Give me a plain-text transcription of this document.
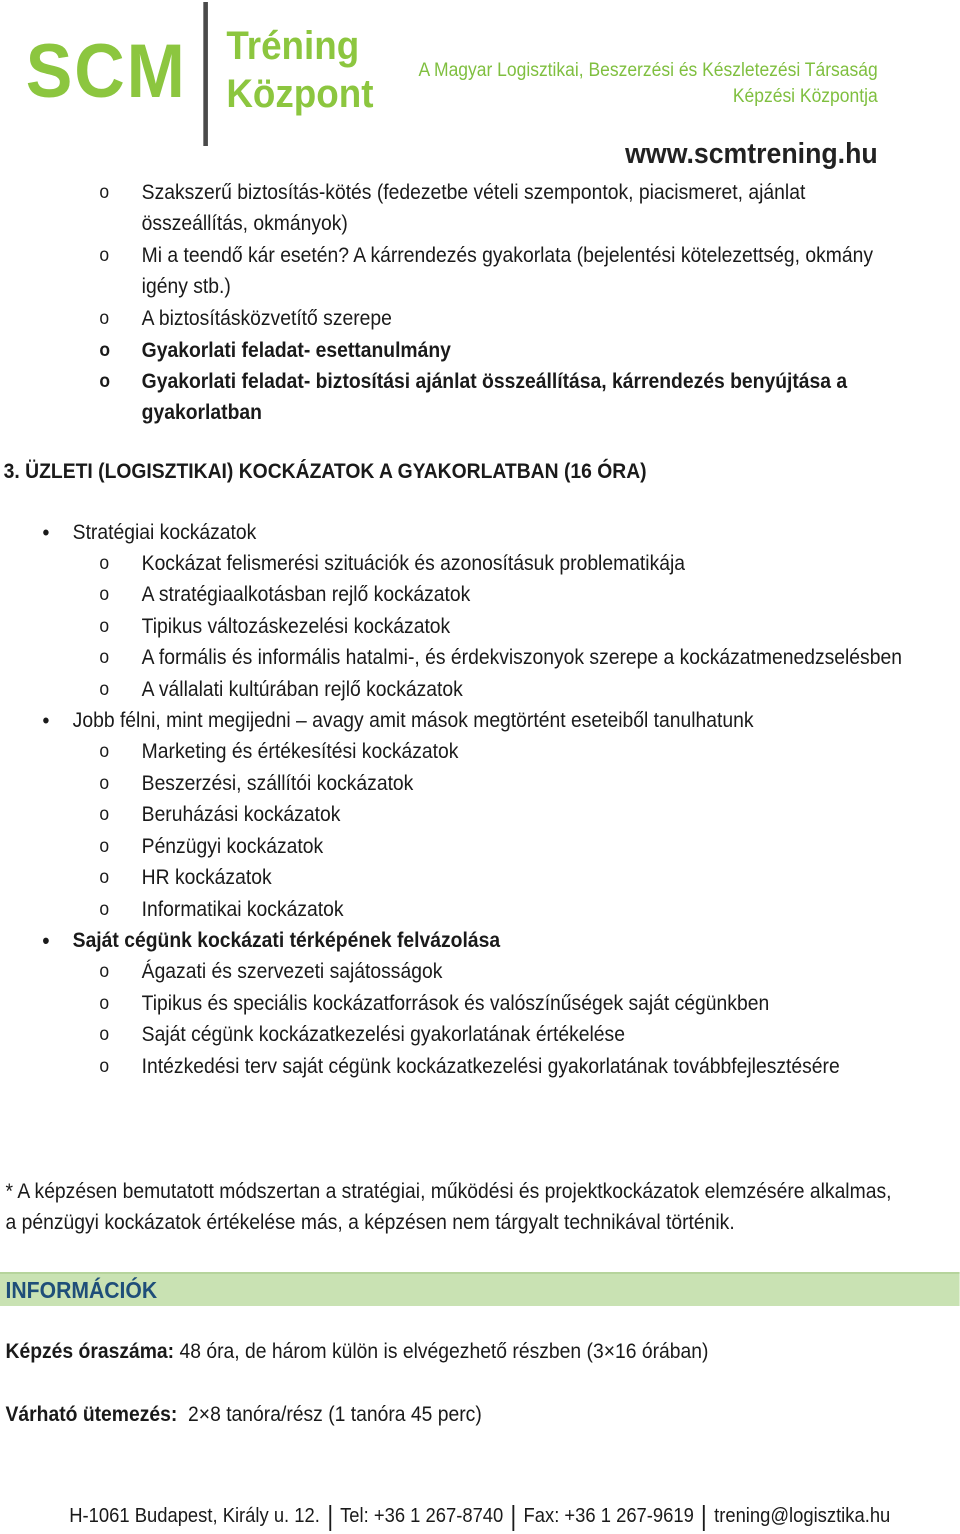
SCM Tréning
Központ
A Magyar Logisztikai, Beszerzési és Készletezési Társaság
Képzési Központja
www.scmtrening.hu
o Szakszerű biztosítás-kötés (fedezetbe vételi szempontok, piacismeret, ajánlat
összeállítás, okmányok)
o Mi a teendő kár esetén? A kárrendezés gyakorlata (bejelentési kötelezettség, okmány
igény stb.)
o A biztosításközvetítő szerepe
o Gyakorlati feladat- esettanulmány
o Gyakorlati feladat- biztosítási ajánlat összeállítása, kárrendezés benyújtása a
gyakorlatban
3. ÜZLETI (LOGISZTIKAI) KOCKÁZATOK A GYAKORLATBAN (16 ÓRA)
• Stratégiai kockázatok
o Kockázat felismerési szituációk és azonosításuk problematikája
o A stratégiaalkotásban rejlő kockázatok
o Tipikus változáskezelési kockázatok
o A formális és informális hatalmi-, és érdekviszonyok szerepe a kockázatmenedzselésben
o A vállalati kultúrában rejlő kockázatok
• Jobb félni, mint megijedni – avagy amit mások megtörtént eseteiből tanulhatunk
o Marketing és értékesítési kockázatok
o Beszerzési, szállítói kockázatok
o Beruházási kockázatok
o Pénzügyi kockázatok
o HR kockázatok
o Informatikai kockázatok
• Saját cégünk kockázati térképének felvázolása
o Ágazati és szervezeti sajátosságok
o Tipikus és speciális kockázatforrások és valószínűségek saját cégünkben
o Saját cégünk kockázatkezelési gyakorlatának értékelése
o Intézkedési terv saját cégünk kockázatkezelési gyakorlatának továbbfejlesztésére
* A képzésen bemutatott módszertan a stratégiai, működési és projektkockázatok elemzésére alkalmas,
a pénzügyi kockázatok értékelése más, a képzésen nem tárgyalt technikával történik.
INFORMÁCIÓK
Képzés óraszáma: 48 óra, de három külön is elvégezhető részben (3×16 órában)
Várható ütemezés:  2×8 tanóra/rész (1 tanóra 45 perc)
H-1061 Budapest, Király u. 12.	Tel: +36 1 267-8740	Fax: +36 1 267-9619	trening@logisztika.hu
